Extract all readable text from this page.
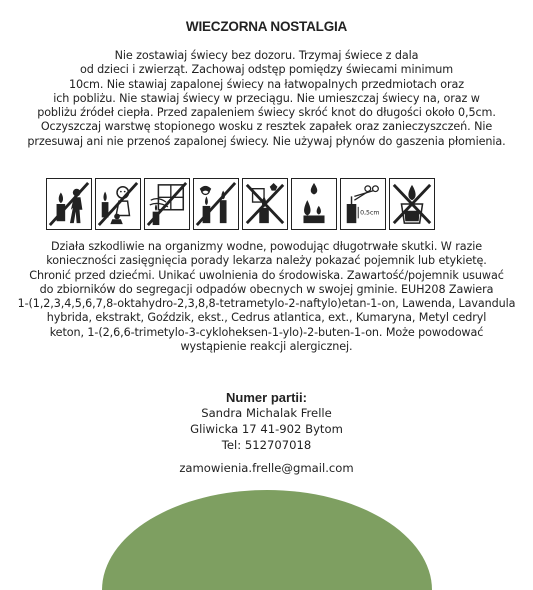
WIECZORNA NOSTALGIA

Nie zostawiaj świecy bez dozoru. Trzymaj świece z dala
od dzieci i zwierząt. Zachowaj odstęp pomiędzy świecami minimum
10cm. Nie stawiaj zapalonej świecy na łatwopalnych przedmiotach oraz
ich pobliżu. Nie stawiaj świecy w przeciągu. Nie umieszczaj świecy na, oraz w
pobliżu źródeł ciepła. Przed zapaleniem świecy skróć knot do długości około 0,5cm.
Oczyszczaj warstwę stopionego wosku z resztek zapałek oraz zanieczyszczeń. Nie
przesuwaj ani nie przenoś zapalonej świecy. Nie używaj płynów do gaszenia płomienia.

0,5cm

Działa szkodliwie na organizmy wodne, powodując długotrwałe skutki. W razie
konieczności zasięgnięcia porady lekarza należy pokazać pojemnik lub etykietę.
Chronić przed dziećmi. Unikać uwolnienia do środowiska. Zawartość/pojemnik usuwać
do zbiorników do segregacji odpadów obecnych w swojej gminie. EUH208 Zawiera
1-(1,2,3,4,5,6,7,8-oktahydro-2,3,8,8-tetrametylo-2-naftylo)etan-1-on, Lawenda, Lavandula
hybrida, ekstrakt, Goździk, ekst., Cedrus atlantica, ext., Kumaryna, Metyl cedryl
keton, 1-(2,6,6-trimetylo-3-cykloheksen-1-ylo)-2-buten-1-on. Może powodować
wystąpienie reakcji alergicznej.

Numer partii:
Sandra Michalak Frelle
Gliwicka 17 41-902 Bytom
Tel: 512707018
zamowienia.frelle@gmail.com
